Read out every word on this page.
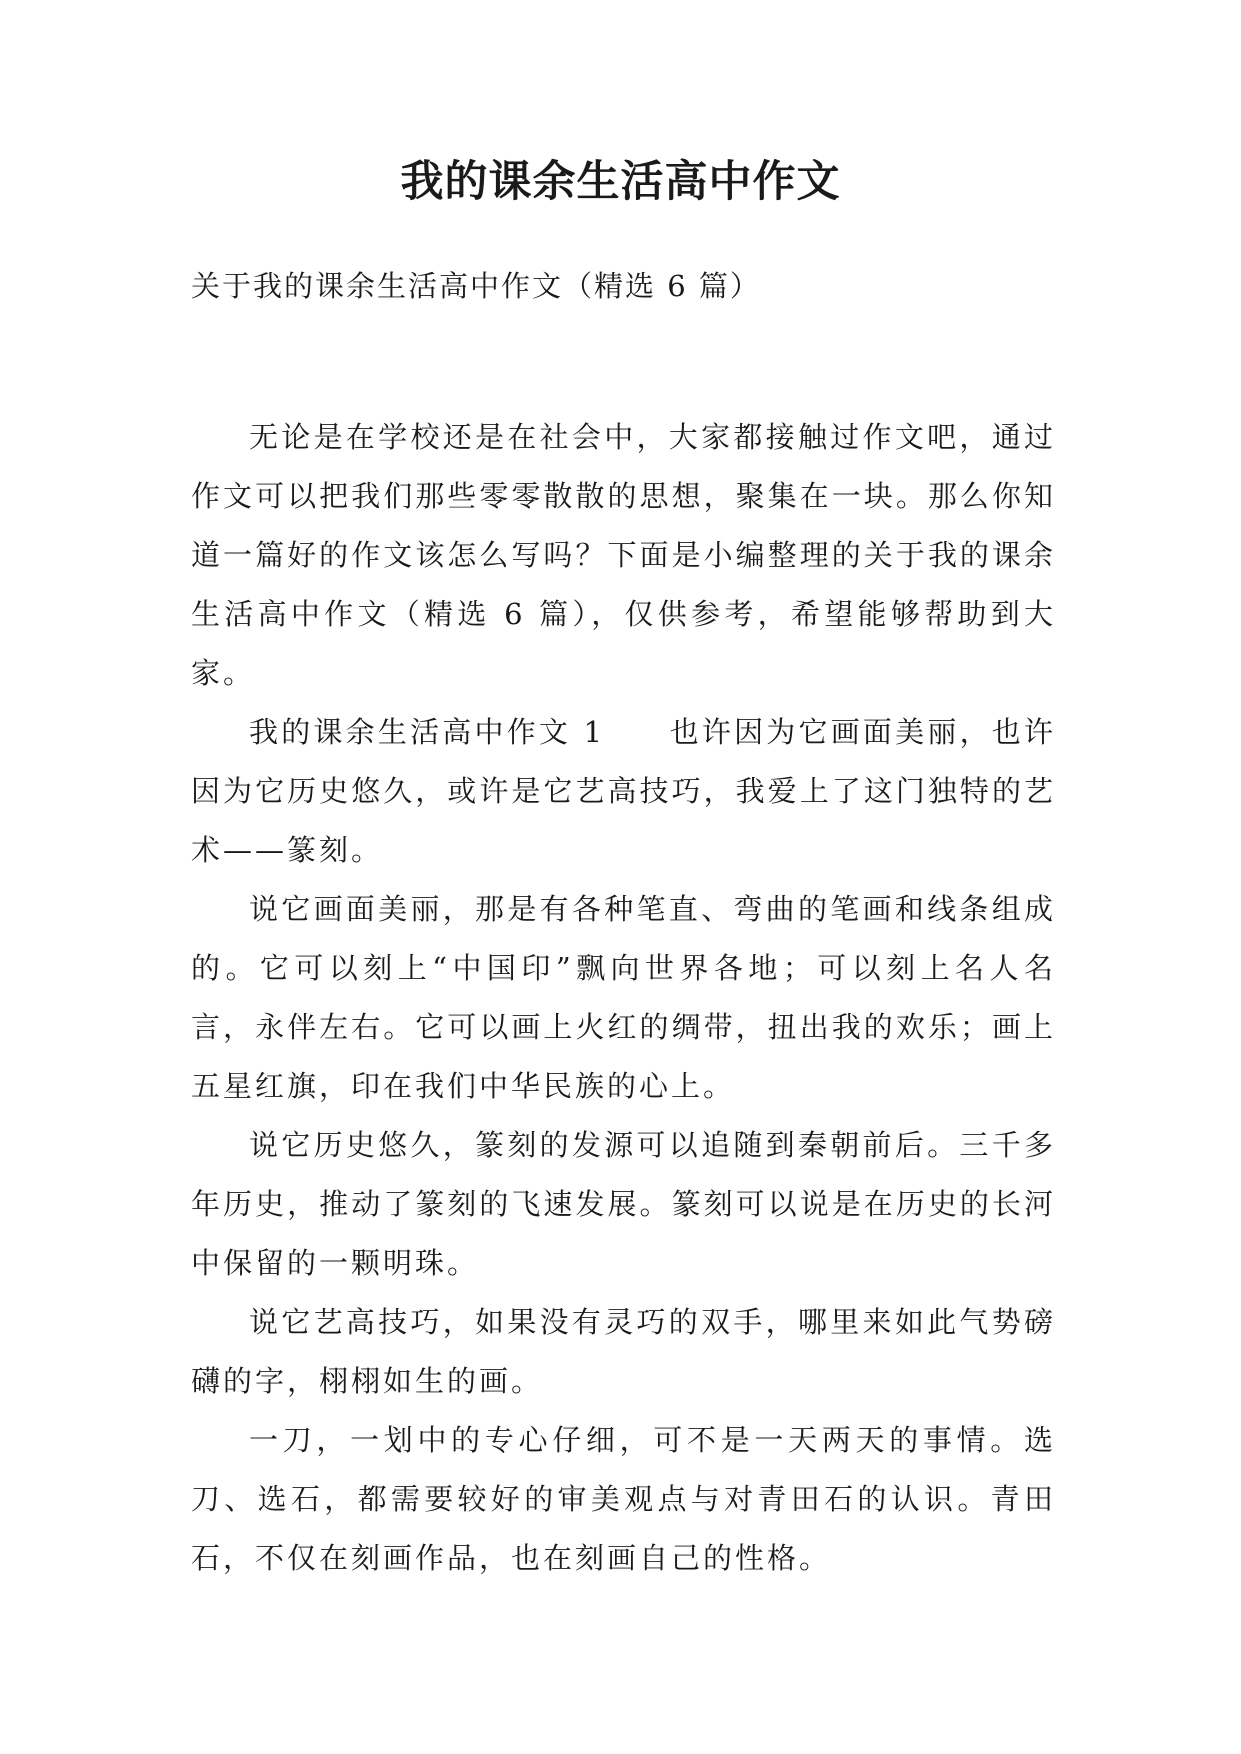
我的课余生活高中作文
关于我的课余生活高中作文（精选 6 篇）

无论是在学校还是在社会中，大家都接触过作文吧，通过作文可以把我们那些零零散散的思想，聚集在一块。那么你知道一篇好的作文该怎么写吗？下面是小编整理的关于我的课余生活高中作文（精选 6 篇），仅供参考，希望能够帮助到大家。

我的课余生活高中作文 1　　也许因为它画面美丽，也许因为它历史悠久，或许是它艺高技巧，我爱上了这门独特的艺术——篆刻。

说它画面美丽，那是有各种笔直、弯曲的笔画和线条组成的。它可以刻上“中国印”飘向世界各地；可以刻上名人名言，永伴左右。它可以画上火红的绸带，扭出我的欢乐；画上五星红旗，印在我们中华民族的心上。

说它历史悠久，篆刻的发源可以追随到秦朝前后。三千多年历史，推动了篆刻的飞速发展。篆刻可以说是在历史的长河中保留的一颗明珠。

说它艺高技巧，如果没有灵巧的双手，哪里来如此气势磅礴的字，栩栩如生的画。

一刀，一划中的专心仔细，可不是一天两天的事情。选刀、选石，都需要较好的审美观点与对青田石的认识。青田石，不仅在刻画作品，也在刻画自己的性格。
